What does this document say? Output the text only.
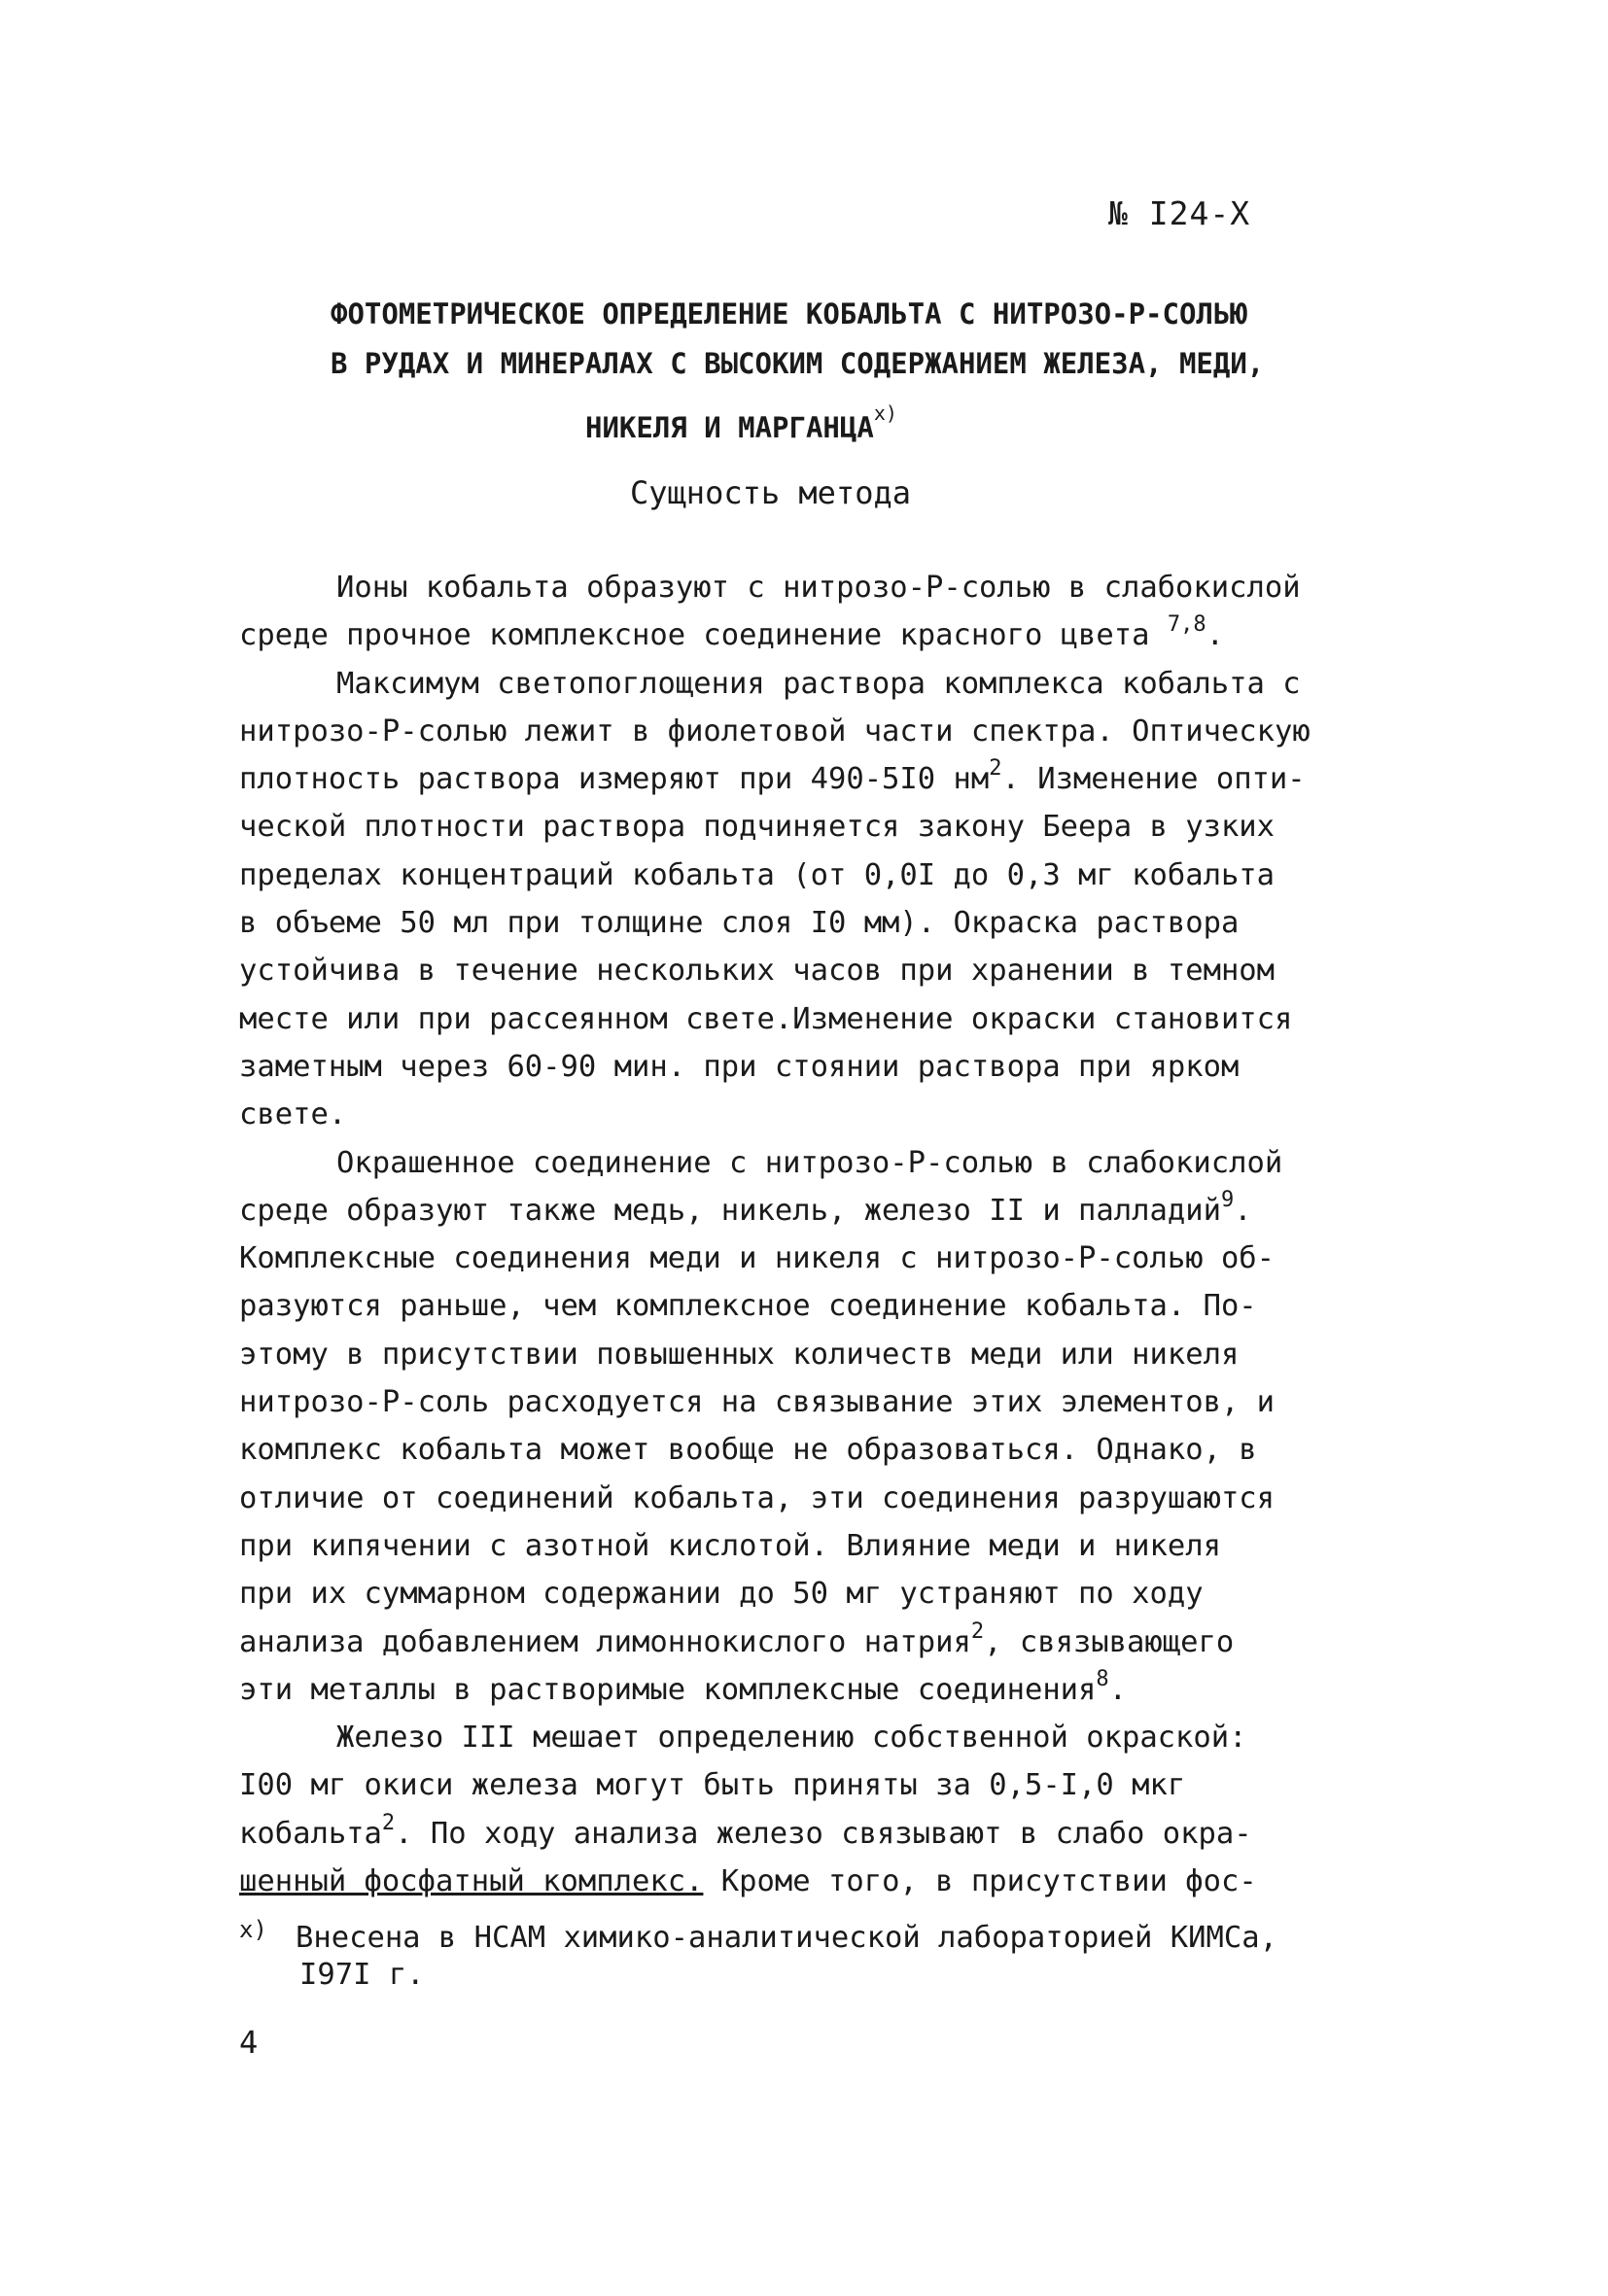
№ I24-X
ФОТОМЕТРИЧЕСКОЕ ОПРЕДЕЛЕНИЕ КОБАЛЬТА С НИТРОЗО-Р-СОЛЬЮ
В РУДАХ И МИНЕРАЛАХ С ВЫСОКИМ СОДЕРЖАНИЕМ ЖЕЛЕЗА, МЕДИ,
НИКЕЛЯ И МАРГАНЦА$^{x)}$
Сущность метода
Ионы кобальта образуют с нитрозо-Р-солью в слабокислой
среде прочное комплексное соединение красного цвета $^{7,8}$.
Максимум светопоглощения раствора комплекса кобальта с
нитрозо-Р-солью лежит в фиолетовой части спектра. Оптическую
плотность раствора измеряют при 490-5I0 $нм^2$. Изменение опти-
ческой плотности раствора подчиняется закону Беера в узких
пределах концентраций кобальта (от 0,0I до 0,3 мг кобальта
в объеме 50 мл при толщине слоя I0 мм). Окраска раствора
устойчива в течение нескольких часов при хранении в темном
месте или при рассеянном свете.Изменение окраски становится
заметным через 60-90 мин. при стоянии раствора при ярком
свете.
Окрашенное соединение с нитрозо-Р-солью в слабокислой
среде образуют также медь, никель, железо II и палладий$^9$.
Комплексные соединения меди и никеля с нитрозо-Р-солью об-
разуются раньше, чем комплексное соединение кобальта. По-
этому в присутствии повышенных количеств меди или никеля
нитрозо-Р-соль расходуется на связывание этих элементов, и
комплекс кобальта может вообще не образоваться. Однако, в
отличие от соединений кобальта, эти соединения разрушаются
при кипячении с азотной кислотой. Влияние меди и никеля
при их суммарном содержании до 50 мг устраняют по ходу
анализа добавлением лимоннокислого натрия$^2$, связывающего
эти металлы в растворимые комплексные соединения$^8$.
Железо III мешает определению собственной окраской:
I00 мг окиси железа могут быть приняты за 0,5-I,0 мкг
кобальта$^2$. По ходу анализа железо связывают в слабо окра-
шенный фосфатный комплекс. Кроме того, в присутствии фос-
x) Внесена в НСАМ химико-аналитической лабораторией КИМСа,
I97I г.
4
